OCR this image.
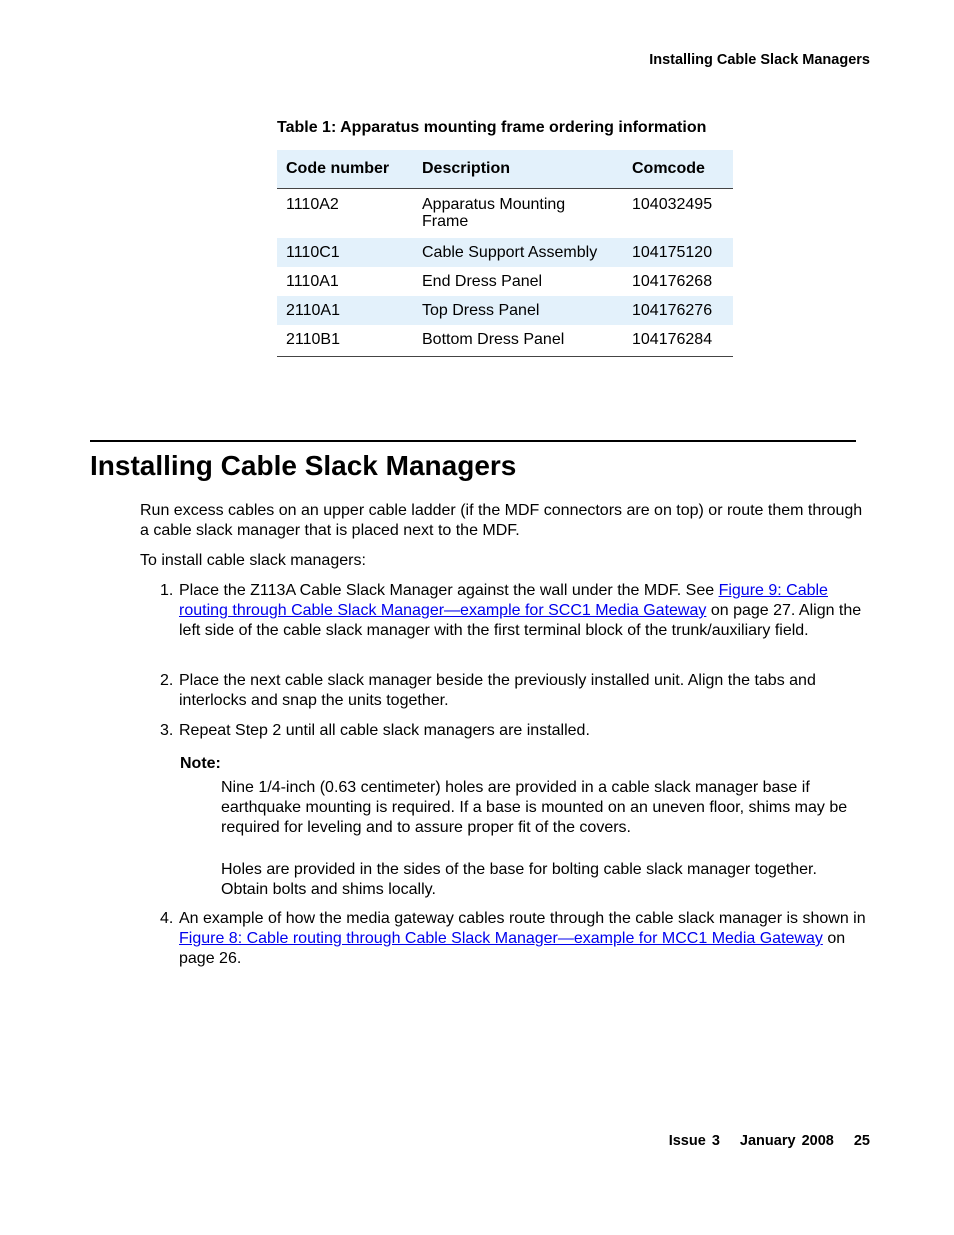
Installing Cable Slack Managers
Table 1: Apparatus mounting frame ordering information
Code number	Description	Comcode
1110A2	Apparatus Mounting Frame	104032495
1110C1	Cable Support Assembly	104175120
1110A1	End Dress Panel	104176268
2110A1	Top Dress Panel	104176276
2110B1	Bottom Dress Panel	104176284
Installing Cable Slack Managers

Run excess cables on an upper cable ladder (if the MDF connectors are on top) or route them through a cable slack manager that is placed next to the MDF.

To install cable slack managers:

1. Place the Z113A Cable Slack Manager against the wall under the MDF. See Figure 9: Cable routing through Cable Slack Manager—example for SCC1 Media Gateway on page 27. Align the left side of the cable slack manager with the first terminal block of the trunk/auxiliary field.
2. Place the next cable slack manager beside the previously installed unit. Align the tabs and interlocks and snap the units together.
3. Repeat Step 2 until all cable slack managers are installed.
4. An example of how the media gateway cables route through the cable slack manager is shown in Figure 8: Cable routing through Cable Slack Manager—example for MCC1 Media Gateway on page 26.
Note:

Nine 1/4-inch (0.63 centimeter) holes are provided in a cable slack manager base if earthquake mounting is required. If a base is mounted on an uneven floor, shims may be required for leveling and to assure proper fit of the covers.

Holes are provided in the sides of the base for bolting cable slack manager together. Obtain bolts and shims locally.

Issue 3 January 2008 25
